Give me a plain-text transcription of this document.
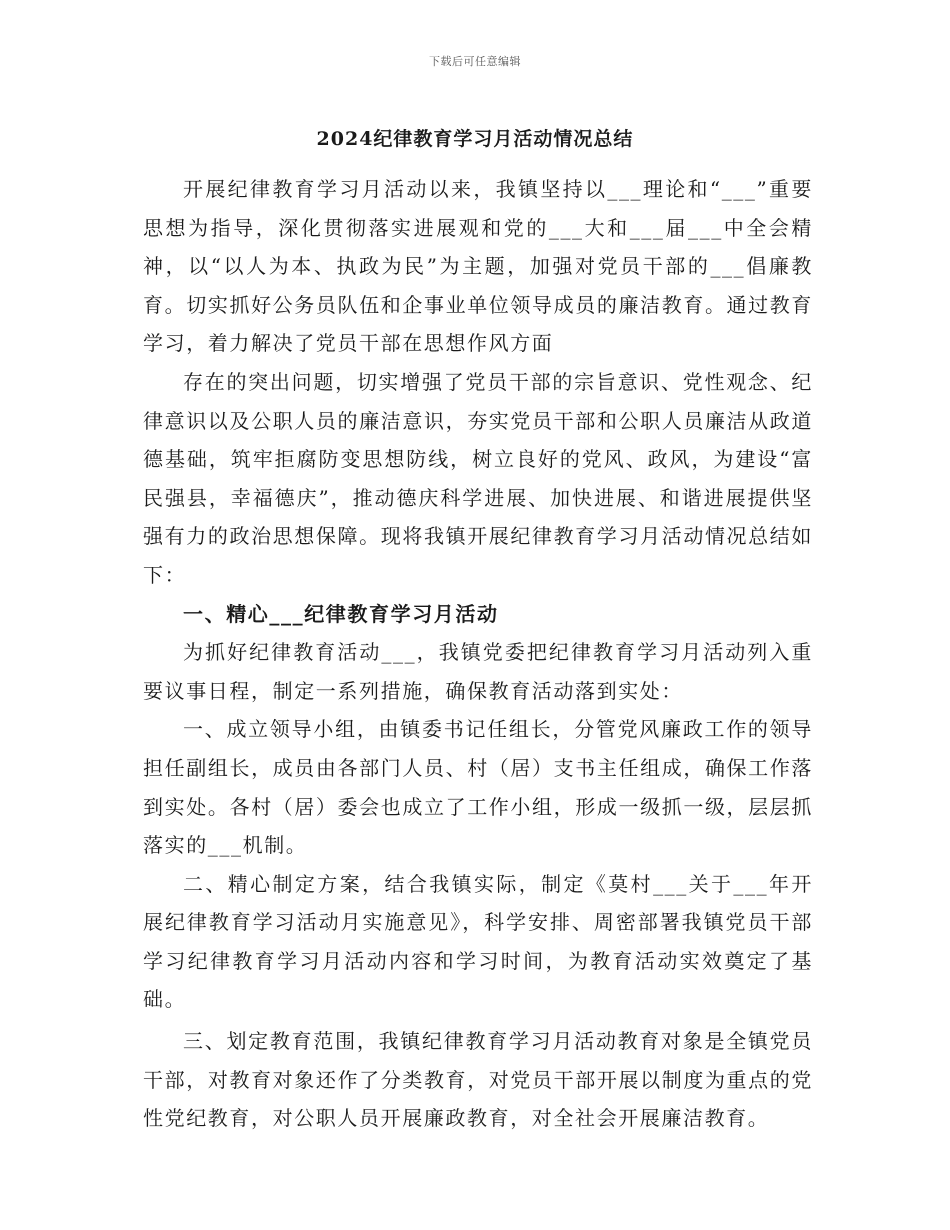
下载后可任意编辑
2024纪律教育学习月活动情况总结

开展纪律教育学习月活动以来，我镇坚持以___理论和“___”重要思想为指导，深化贯彻落实进展观和党的___大和___届___中全会精神，以“以人为本、执政为民”为主题，加强对党员干部的___倡廉教育。切实抓好公务员队伍和企事业单位领导成员的廉洁教育。通过教育学习，着力解决了党员干部在思想作风方面

存在的突出问题，切实增强了党员干部的宗旨意识、党性观念、纪律意识以及公职人员的廉洁意识，夯实党员干部和公职人员廉洁从政道德基础，筑牢拒腐防变思想防线，树立良好的党风、政风，为建设“富民强县，幸福德庆”，推动德庆科学进展、加快进展、和谐进展提供坚强有力的政治思想保障。现将我镇开展纪律教育学习月活动情况总结如下：

一、精心___纪律教育学习月活动

为抓好纪律教育活动___，我镇党委把纪律教育学习月活动列入重要议事日程，制定一系列措施，确保教育活动落到实处：

一、成立领导小组，由镇委书记任组长，分管党风廉政工作的领导担任副组长，成员由各部门人员、村（居）支书主任组成，确保工作落到实处。各村（居）委会也成立了工作小组，形成一级抓一级，层层抓落实的___机制。

二、精心制定方案，结合我镇实际，制定《莫村___关于___年开展纪律教育学习活动月实施意见》，科学安排、周密部署我镇党员干部学习纪律教育学习月活动内容和学习时间，为教育活动实效奠定了基础。

三、划定教育范围，我镇纪律教育学习月活动教育对象是全镇党员干部，对教育对象还作了分类教育，对党员干部开展以制度为重点的党性党纪教育，对公职人员开展廉政教育，对全社会开展廉洁教育。
